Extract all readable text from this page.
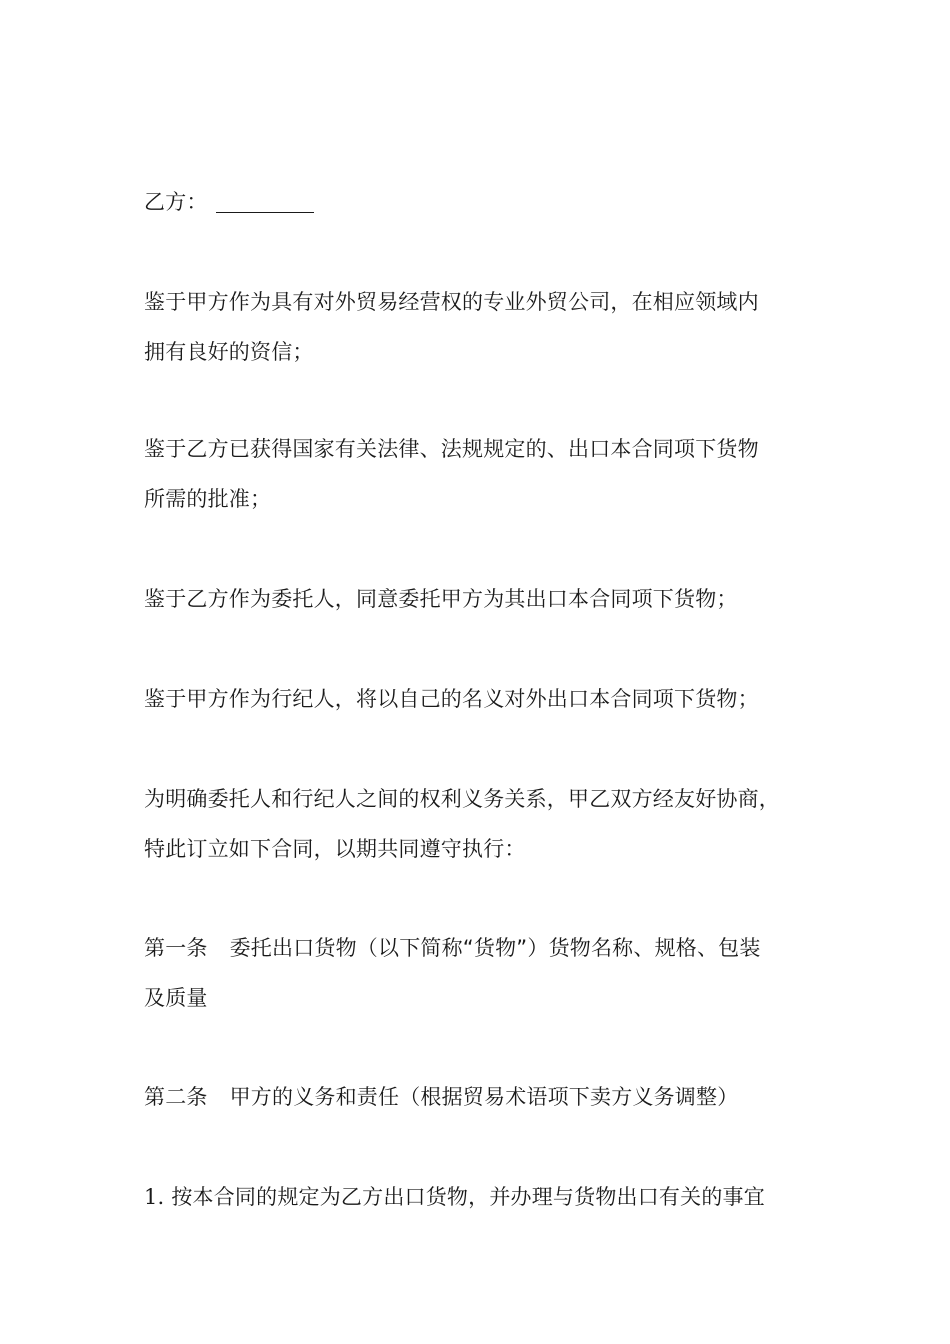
乙方：
鉴于甲方作为具有对外贸易经营权的专业外贸公司，在相应领域内
拥有良好的资信；
鉴于乙方已获得国家有关法律、法规规定的、出口本合同项下货物
所需的批准；
鉴于乙方作为委托人，同意委托甲方为其出口本合同项下货物；
鉴于甲方作为行纪人，将以自己的名义对外出口本合同项下货物；
为明确委托人和行纪人之间的权利义务关系，甲乙双方经友好协商，
特此订立如下合同，以期共同遵守执行：
第一条 委托出口货物（以下简称“货物”）货物名称、规格、包装
及质量
第二条 甲方的义务和责任（根据贸易术语项下卖方义务调整）
1. 按本合同的规定为乙方出口货物，并办理与货物出口有关的事宜
